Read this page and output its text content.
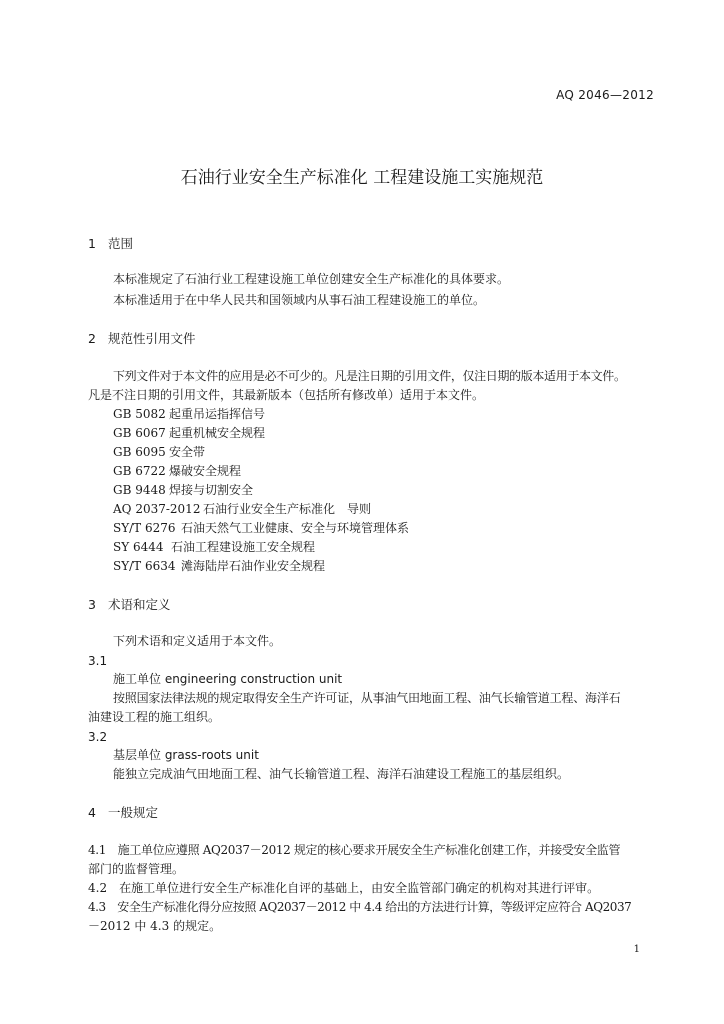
AQ 2046—2012
石油行业安全生产标准化 工程建设施工实施规范
1 范围
本标准规定了石油行业工程建设施工单位创建安全生产标准化的具体要求。
本标准适用于在中华人民共和国领域内从事石油工程建设施工的单位。
2 规范性引用文件
下列文件对于本文件的应用是必不可少的。凡是注日期的引用文件，仅注日期的版本适用于本文件。
凡是不注日期的引用文件，其最新版本（包括所有修改单）适用于本文件。
GB 5082 起重吊运指挥信号
GB 6067 起重机械安全规程
GB 6095 安全带
GB 6722 爆破安全规程
GB 9448 焊接与切割安全
AQ 2037-2012 石油行业安全生产标准化　导则
SY/T 6276 石油天然气工业健康、安全与环境管理体系
SY 6444 石油工程建设施工安全规程
SY/T 6634 滩海陆岸石油作业安全规程
3 术语和定义
下列术语和定义适用于本文件。
3.1
施工单位 engineering construction unit
按照国家法律法规的规定取得安全生产许可证，从事油气田地面工程、油气长输管道工程、海洋石
油建设工程的施工组织。
3.2
基层单位 grass-roots unit
能独立完成油气田地面工程、油气长输管道工程、海洋石油建设工程施工的基层组织。
4 一般规定
4.1　施工单位应遵照 AQ2037－2012 规定的核心要求开展安全生产标准化创建工作，并接受安全监管
部门的监督管理。
4.2　在施工单位进行安全生产标准化自评的基础上，由安全监管部门确定的机构对其进行评审。
4.3　安全生产标准化得分应按照 AQ2037－2012 中 4.4 给出的方法进行计算，等级评定应符合 AQ2037
－2012 中 4.3 的规定。
1
